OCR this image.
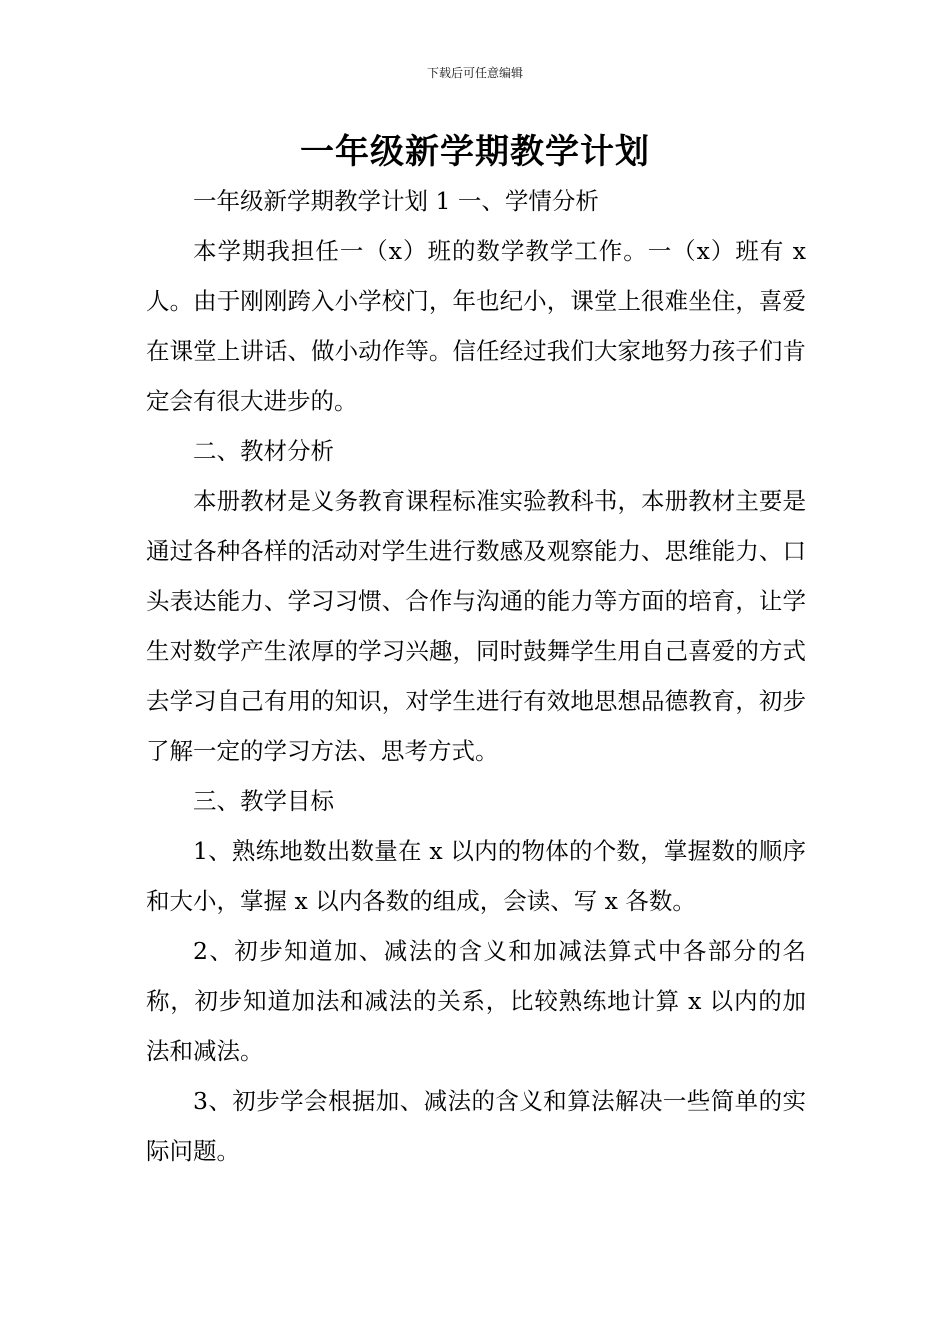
下载后可任意编辑
一年级新学期教学计划

一年级新学期教学计划 1 一、学情分析

本学期我担任一（x）班的数学教学工作。一（x）班有 x 人。由于刚刚跨入小学校门，年也纪小，课堂上很难坐住，喜爱在课堂上讲话、做小动作等。信任经过我们大家地努力孩子们肯定会有很大进步的。

二、教材分析

本册教材是义务教育课程标准实验教科书，本册教材主要是通过各种各样的活动对学生进行数感及观察能力、思维能力、口头表达能力、学习习惯、合作与沟通的能力等方面的培育，让学生对数学产生浓厚的学习兴趣，同时鼓舞学生用自己喜爱的方式去学习自己有用的知识，对学生进行有效地思想品德教育，初步了解一定的学习方法、思考方式。

三、教学目标

1、熟练地数出数量在 x 以内的物体的个数，掌握数的顺序和大小，掌握 x 以内各数的组成，会读、写 x 各数。

2、初步知道加、减法的含义和加减法算式中各部分的名称，初步知道加法和减法的关系，比较熟练地计算 x 以内的加法和减法。

3、初步学会根据加、减法的含义和算法解决一些简单的实际问题。
